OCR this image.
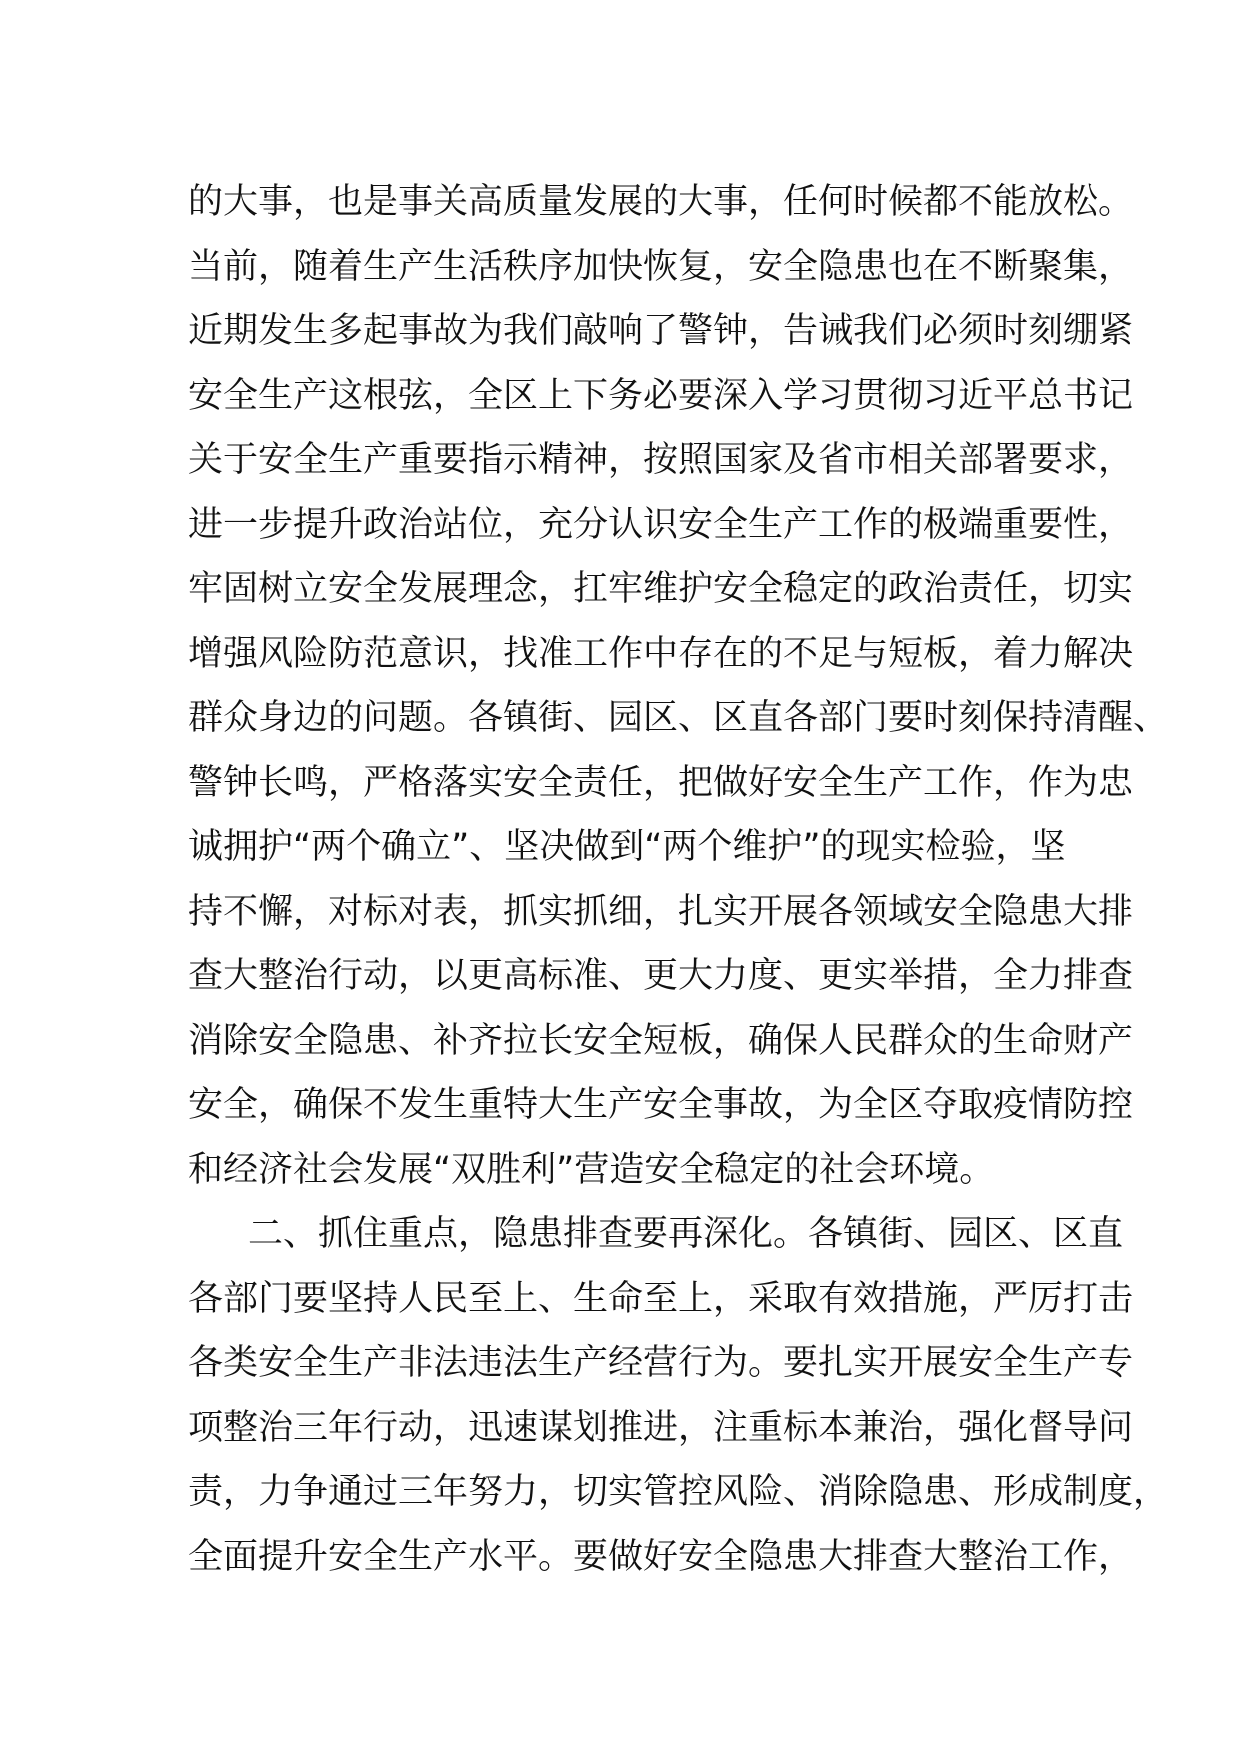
的大事，也是事关高质量发展的大事，任何时候都不能放松。
当前，随着生产生活秩序加快恢复，安全隐患也在不断聚集，
近期发生多起事故为我们敲响了警钟，告诫我们必须时刻绷紧
安全生产这根弦，全区上下务必要深入学习贯彻习近平总书记
关于安全生产重要指示精神，按照国家及省市相关部署要求，
进一步提升政治站位，充分认识安全生产工作的极端重要性，
牢固树立安全发展理念，扛牢维护安全稳定的政治责任，切实
增强风险防范意识，找准工作中存在的不足与短板，着力解决
群众身边的问题。各镇街、园区、区直各部门要时刻保持清醒、
警钟长鸣，严格落实安全责任，把做好安全生产工作，作为忠
诚拥护“两个确立”、坚决做到“两个维护”的现实检验，坚
持不懈，对标对表，抓实抓细，扎实开展各领域安全隐患大排
查大整治行动，以更高标准、更大力度、更实举措，全力排查
消除安全隐患、补齐拉长安全短板，确保人民群众的生命财产
安全，确保不发生重特大生产安全事故，为全区夺取疫情防控
和经济社会发展“双胜利”营造安全稳定的社会环境。
二、抓住重点，隐患排查要再深化。各镇街、园区、区直
各部门要坚持人民至上、生命至上，采取有效措施，严厉打击
各类安全生产非法违法生产经营行为。要扎实开展安全生产专
项整治三年行动，迅速谋划推进，注重标本兼治，强化督导问
责，力争通过三年努力，切实管控风险、消除隐患、形成制度，
全面提升安全生产水平。要做好安全隐患大排查大整治工作，
